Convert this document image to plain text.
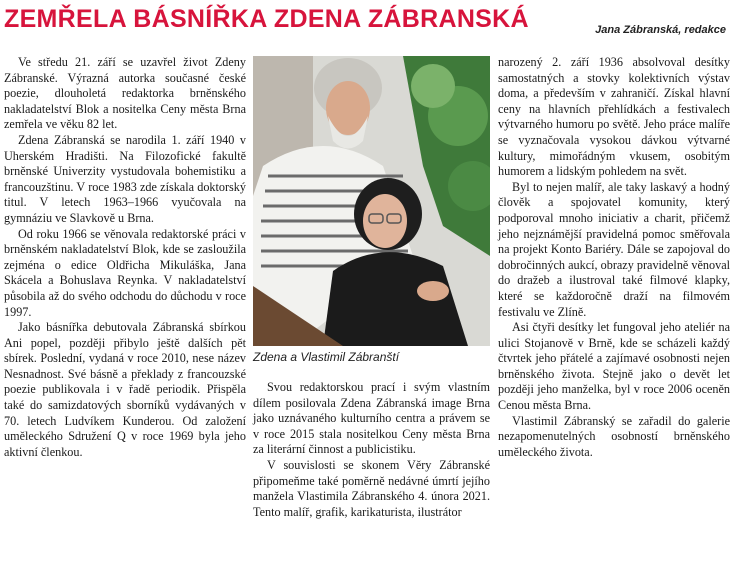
ZEMŘELA BÁSNÍŘKA ZDENA ZÁBRANSKÁ	Jana Zábranská, redakce

Ve středu 21. září se uzavřel život Zdeny Zábranské. Výrazná autorka současné české poezie, dlouholetá redaktorka brněnského nakladatelství Blok a nositelka Ceny města Brna zemřela ve věku 82 let.

Zdena Zábranská se narodila 1. září 1940 v Uherském Hradišti. Na Filozofické fakultě brněnské Univerzity vystudovala bohemistiku a francouzštinu. V roce 1983 zde získala doktorský titul. V letech 1963–1966 vyučovala na gymnáziu ve Slavkově u Brna.

Od roku 1966 se věnovala redaktorské práci v brněnském nakladatelství Blok, kde se zasloužila zejména o edice Oldřicha Mikuláška, Jana Skácela a Bohuslava Reynka. V nakladatelství působila až do svého odchodu do důchodu v roce 1997.

Jako básnířka debutovala Zábranská sbírkou Ani popel, později přibylo ještě dalších pět sbírek. Poslední, vydaná v roce 2010, nese název Nesnadnost. Své básně a překlady z francouzské poezie publikovala i v řadě periodik. Přispěla také do samizdatových sborníků vydávaných v 70. letech Ludvíkem Kunderou. Od založení uměleckého Sdružení Q v roce 1969 byla jeho aktivní členkou.

Zdena a Vlastimil Zábranští

Svou redaktorskou prací i svým vlastním dílem posilovala Zdena Zábranská image Brna jako uznávaného kulturního centra a právem se v roce 2015 stala nositelkou Ceny města Brna za literární činnost a publicistiku.

V souvislosti se skonem Věry Zábranské připomeňme také poměrně nedávné úmrtí jejího manžela Vlastimila Zábranského 4. února 2021. Tento malíř, grafik, karikaturista, ilustrátor

narozený 2. září 1936 absolvoval desítky samostatných a stovky kolektivních výstav doma, a především v zahraničí. Získal hlavní ceny na hlavních přehlídkách a festivalech výtvarného humoru po světě. Jeho práce malíře se vyznačovala vysokou dávkou výtvarné kultury, mimořádným vkusem, osobitým humorem a lidským pohledem na svět.

Byl to nejen malíř, ale taky laskavý a hodný člověk a spojovatel komunity, který podporoval mnoho iniciativ a charit, přičemž jeho nejznámější pravidelná pomoc směřovala na projekt Konto Bariéry. Dále se zapojoval do dobročinných aukcí, obrazy pravidelně věnoval do dražeb a ilustroval také filmové klapky, které se každoročně draží na filmovém festivalu ve Zlíně.

Asi čtyři desítky let fungoval jeho ateliér na ulici Stojanově v Brně, kde se scházeli každý čtvrtek jeho přátelé a zajímavé osobnosti nejen brněnského života. Stejně jako o devět let později jeho manželka, byl v roce 2006 oceněn Cenou města Brna.

Vlastimil Zábranský se zařadil do galerie nezapomenutelných osobností brněnského uměleckého života.
